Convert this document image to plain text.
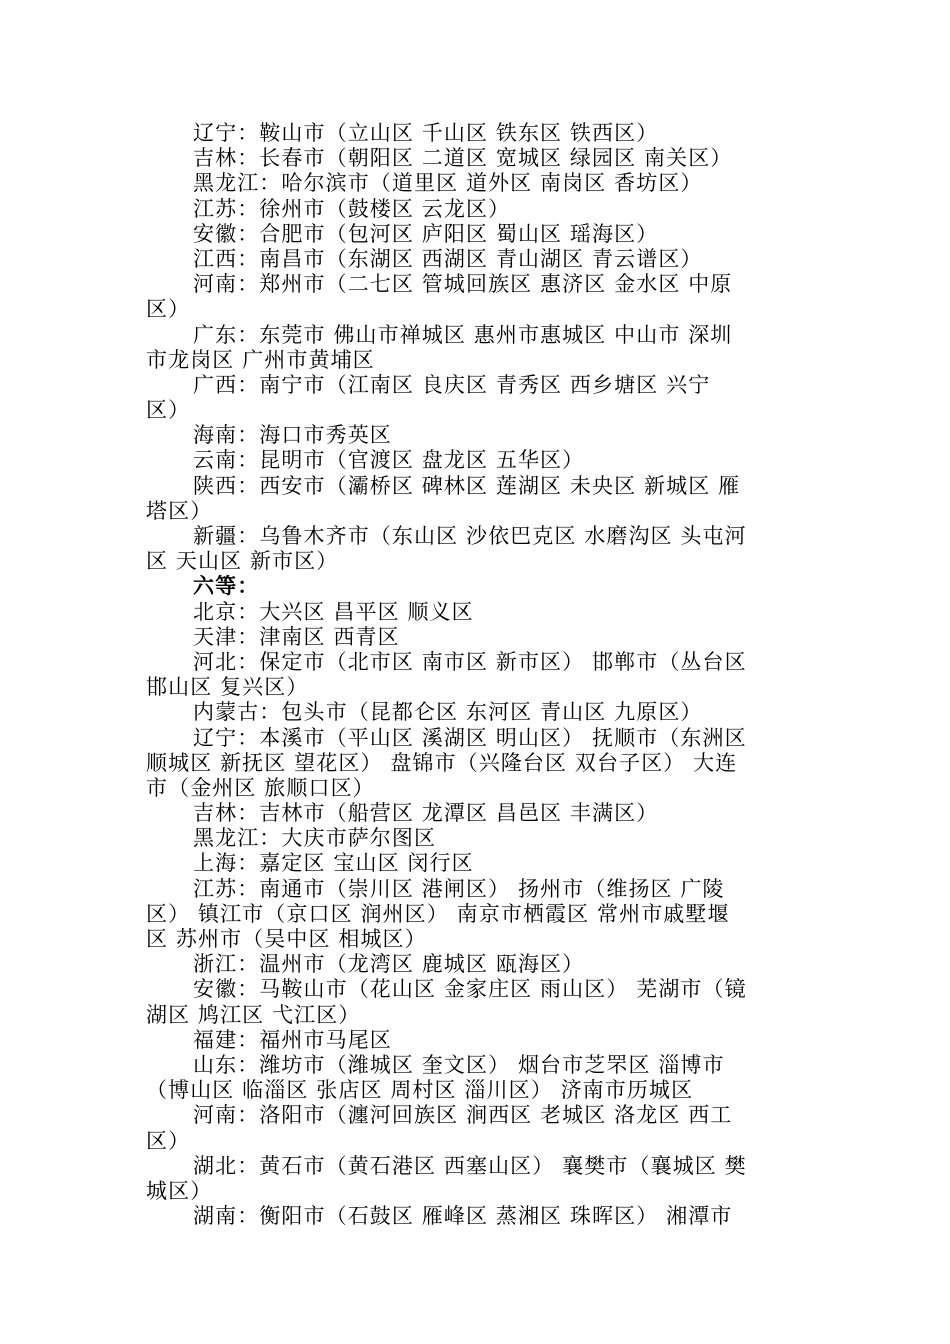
辽宁：鞍山市（立山区 千山区 铁东区 铁西区）
吉林：长春市（朝阳区 二道区 宽城区 绿园区 南关区）
黑龙江：哈尔滨市（道里区 道外区 南岗区 香坊区）
江苏：徐州市（鼓楼区 云龙区）
安徽：合肥市（包河区 庐阳区 蜀山区 瑶海区）
江西：南昌市（东湖区 西湖区 青山湖区 青云谱区）
河南：郑州市（二七区 管城回族区 惠济区 金水区 中原
区）
广东：东莞市 佛山市禅城区 惠州市惠城区 中山市 深圳
市龙岗区 广州市黄埔区
广西：南宁市（江南区 良庆区 青秀区 西乡塘区 兴宁
区）
海南：海口市秀英区
云南：昆明市（官渡区 盘龙区 五华区）
陕西：西安市（灞桥区 碑林区 莲湖区 未央区 新城区 雁
塔区）
新疆：乌鲁木齐市（东山区 沙依巴克区 水磨沟区 头屯河
区 天山区 新市区）
六等：
北京：大兴区 昌平区 顺义区
天津：津南区 西青区
河北：保定市（北市区 南市区 新市区） 邯郸市（丛台区
邯山区 复兴区）
内蒙古：包头市（昆都仑区 东河区 青山区 九原区）
辽宁：本溪市（平山区 溪湖区 明山区） 抚顺市（东洲区
顺城区 新抚区 望花区） 盘锦市（兴隆台区 双台子区） 大连
市（金州区 旅顺口区）
吉林：吉林市（船营区 龙潭区 昌邑区 丰满区）
黑龙江：大庆市萨尔图区
上海：嘉定区 宝山区 闵行区
江苏：南通市（崇川区 港闸区） 扬州市（维扬区 广陵
区） 镇江市（京口区 润州区） 南京市栖霞区 常州市戚墅堰
区 苏州市（吴中区 相城区）
浙江：温州市（龙湾区 鹿城区 瓯海区）
安徽：马鞍山市（花山区 金家庄区 雨山区） 芜湖市（镜
湖区 鸠江区 弋江区）
福建：福州市马尾区
山东：潍坊市（潍城区 奎文区） 烟台市芝罘区 淄博市
（博山区 临淄区 张店区 周村区 淄川区） 济南市历城区
河南：洛阳市（瀍河回族区 涧西区 老城区 洛龙区 西工
区）
湖北：黄石市（黄石港区 西塞山区） 襄樊市（襄城区 樊
城区）
湖南：衡阳市（石鼓区 雁峰区 蒸湘区 珠晖区） 湘潭市
